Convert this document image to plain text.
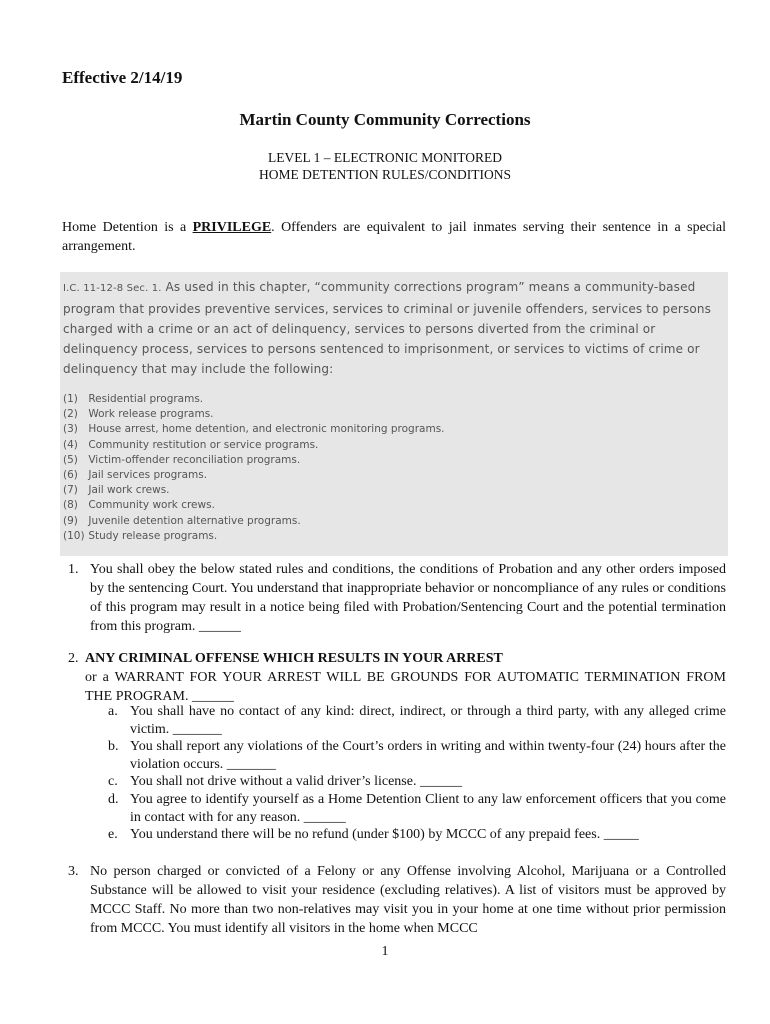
Effective 2/14/19
Martin County Community Corrections
LEVEL 1 – ELECTRONIC MONITORED
HOME DETENTION RULES/CONDITIONS
Home Detention is a PRIVILEGE. Offenders are equivalent to jail inmates serving their sentence in a special arrangement.
I.C. 11-12-8 Sec. 1. As used in this chapter, “community corrections program” means a community-based program that provides preventive services, services to criminal or juvenile offenders, services to persons charged with a crime or an act of delinquency, services to persons diverted from the criminal or delinquency process, services to persons sentenced to imprisonment, or services to victims of crime or delinquency that may include the following:
(1) Residential programs.
(2) Work release programs.
(3) House arrest, home detention, and electronic monitoring programs.
(4) Community restitution or service programs.
(5) Victim-offender reconciliation programs.
(6) Jail services programs.
(7) Jail work crews.
(8) Community work crews.
(9) Juvenile detention alternative programs.
(10) Study release programs.
1. You shall obey the below stated rules and conditions, the conditions of Probation and any other orders imposed by the sentencing Court. You understand that inappropriate behavior or noncompliance of any rules or conditions of this program may result in a notice being filed with Probation/Sentencing Court and the potential termination from this program. ______
2. ANY CRIMINAL OFFENSE WHICH RESULTS IN YOUR ARREST
or a WARRANT FOR YOUR ARREST WILL BE GROUNDS FOR AUTOMATIC TERMINATION FROM THE PROGRAM. ______
a. You shall have no contact of any kind: direct, indirect, or through a third party, with any alleged crime victim. _______
b. You shall report any violations of the Court’s orders in writing and within twenty-four (24) hours after the violation occurs. _______
c. You shall not drive without a valid driver’s license. ______
d. You agree to identify yourself as a Home Detention Client to any law enforcement officers that you come in contact with for any reason. ______
e. You understand there will be no refund (under $100) by MCCC of any prepaid fees. _____
3. No person charged or convicted of a Felony or any Offense involving Alcohol, Marijuana or a Controlled Substance will be allowed to visit your residence (excluding relatives). A list of visitors must be approved by MCCC Staff. No more than two non-relatives may visit you in your home at one time without prior permission from MCCC. You must identify all visitors in the home when MCCC
1
